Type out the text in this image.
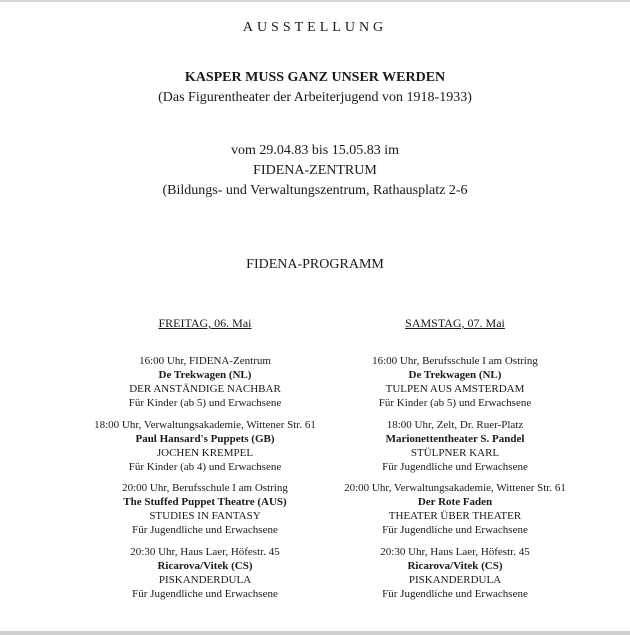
AUSSTELLUNG
KASPER MUSS GANZ UNSER WERDEN
(Das Figurentheater der Arbeiterjugend von 1918-1933)
vom 29.04.83 bis 15.05.83 im
FIDENA-ZENTRUM
(Bildungs- und Verwaltungszentrum, Rathausplatz 2-6
FIDENA-PROGRAMM
FREITAG, 06. Mai
16:00 Uhr, FIDENA-Zentrum
De Trekwagen (NL)
DER ANSTÄNDIGE NACHBAR
Für Kinder (ab 5) und Erwachsene
18:00 Uhr, Verwaltungsakademie, Wittener Str. 61
Paul Hansard's Puppets (GB)
JOCHEN KREMPEL
Für Kinder (ab 4) und Erwachsene
20:00 Uhr, Berufsschule I am Ostring
The Stuffed Puppet Theatre (AUS)
STUDIES IN FANTASY
Für Jugendliche und Erwachsene
20:30 Uhr, Haus Laer, Höfestr. 45
Ricarova/Vitek (CS)
PISKANDERDULA
Für Jugendliche und Erwachsene
SAMSTAG, 07. Mai
16:00 Uhr, Berufsschule I am Ostring
De Trekwagen (NL)
TULPEN AUS AMSTERDAM
Für Kinder (ab 5) und Erwachsene
18:00 Uhr, Zelt, Dr. Ruer-Platz
Marionettentheater S. Pandel
STÜLPNER KARL
Für Jugendliche und Erwachsene
20:00 Uhr, Verwaltungsakademie, Wittener Str. 61
Der Rote Faden
THEATER ÜBER THEATER
Für Jugendliche und Erwachsene
20:30 Uhr, Haus Laer, Höfestr. 45
Ricarova/Vitek (CS)
PISKANDERDULA
Für Jugendliche und Erwachsene
